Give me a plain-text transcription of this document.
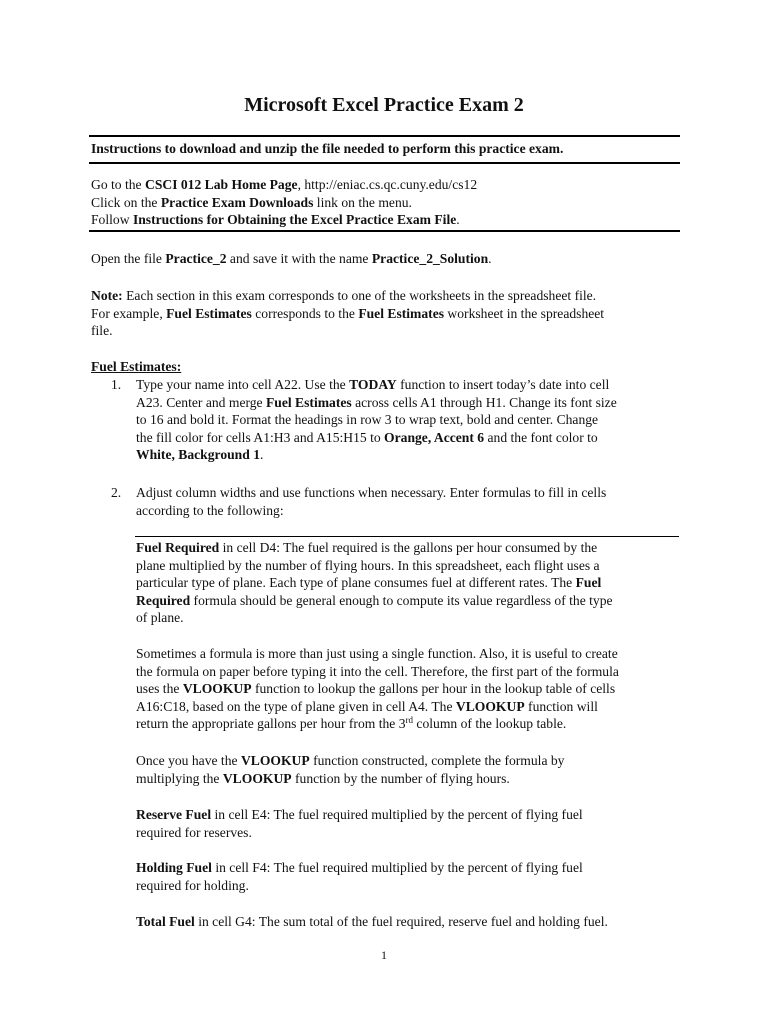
Microsoft Excel Practice Exam 2
Instructions to download and unzip the file needed to perform this practice exam.
Go to the CSCI 012 Lab Home Page, http://eniac.cs.qc.cuny.edu/cs12
Click on the Practice Exam Downloads link on the menu.
Follow Instructions for Obtaining the Excel Practice Exam File.
Open the file Practice_2 and save it with the name Practice_2_Solution.
Note: Each section in this exam corresponds to one of the worksheets in the spreadsheet file.
For example, Fuel Estimates corresponds to the Fuel Estimates worksheet in the spreadsheet
file.
Fuel Estimates:
1. Type your name into cell A22. Use the TODAY function to insert today’s date into cell
A23. Center and merge Fuel Estimates across cells A1 through H1. Change its font size
to 16 and bold it. Format the headings in row 3 to wrap text, bold and center. Change
the fill color for cells A1:H3 and A15:H15 to Orange, Accent 6 and the font color to
White, Background 1.
2. Adjust column widths and use functions when necessary. Enter formulas to fill in cells
according to the following:
Fuel Required in cell D4: The fuel required is the gallons per hour consumed by the
plane multiplied by the number of flying hours. In this spreadsheet, each flight uses a
particular type of plane. Each type of plane consumes fuel at different rates. The Fuel
Required formula should be general enough to compute its value regardless of the type
of plane.
Sometimes a formula is more than just using a single function. Also, it is useful to create
the formula on paper before typing it into the cell. Therefore, the first part of the formula
uses the VLOOKUP function to lookup the gallons per hour in the lookup table of cells
A16:C18, based on the type of plane given in cell A4. The VLOOKUP function will
return the appropriate gallons per hour from the 3rd column of the lookup table.
Once you have the VLOOKUP function constructed, complete the formula by
multiplying the VLOOKUP function by the number of flying hours.
Reserve Fuel in cell E4: The fuel required multiplied by the percent of flying fuel
required for reserves.
Holding Fuel in cell F4: The fuel required multiplied by the percent of flying fuel
required for holding.
Total Fuel in cell G4: The sum total of the fuel required, reserve fuel and holding fuel.
1
